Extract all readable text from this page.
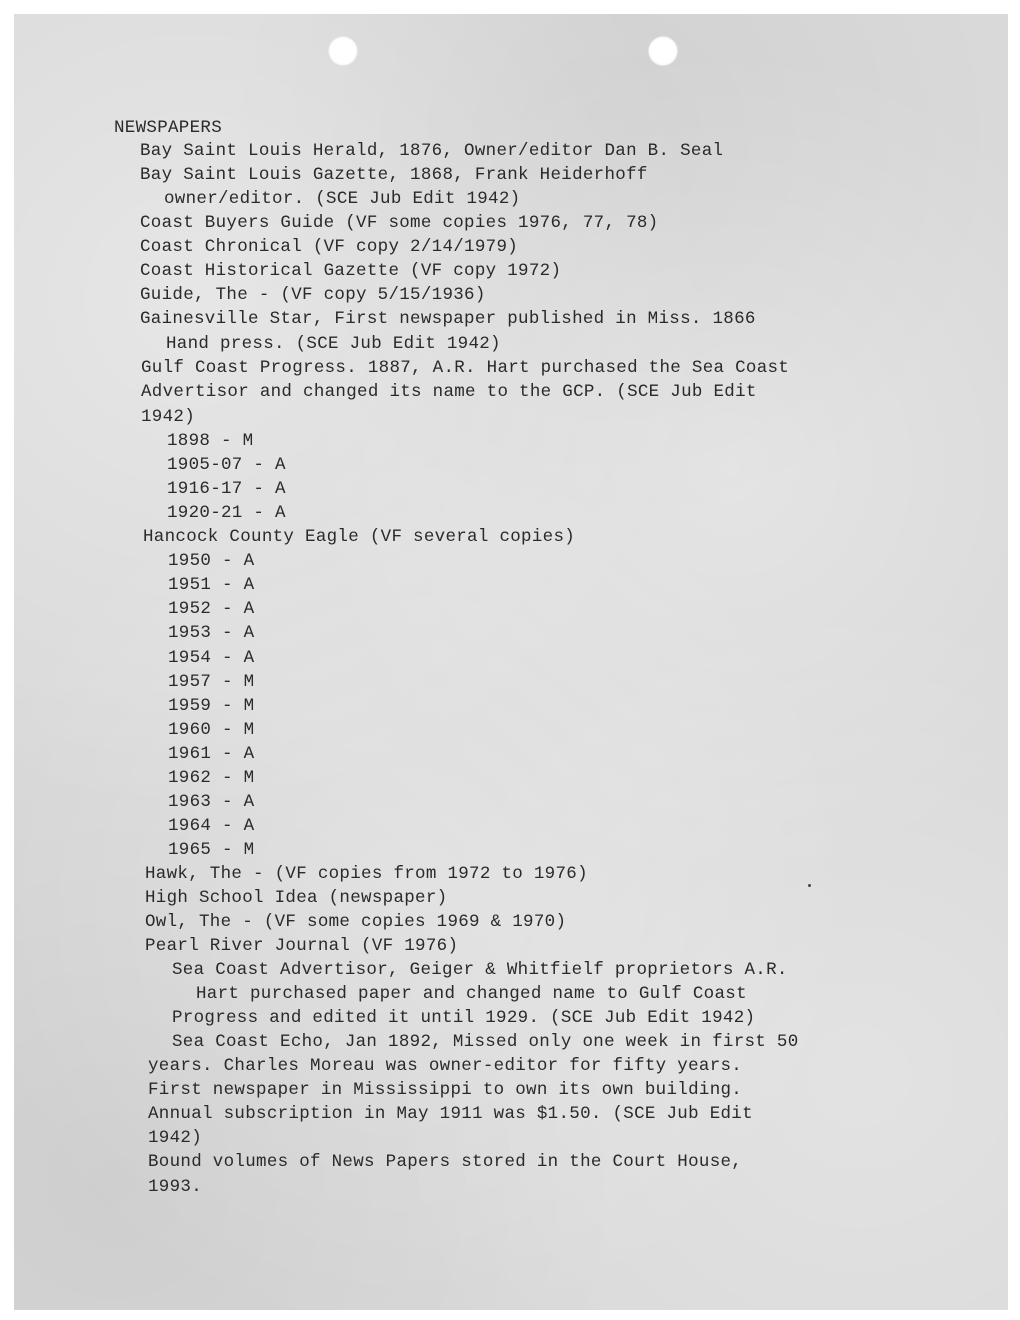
NEWSPAPERS
Bay Saint Louis Herald, 1876, Owner/editor Dan B. Seal
Bay Saint Louis Gazette, 1868, Frank Heiderhoff
owner/editor. (SCE Jub Edit 1942)
Coast Buyers Guide (VF some copies 1976, 77, 78)
Coast Chronical (VF copy 2/14/1979)
Coast Historical Gazette (VF copy 1972)
Guide, The - (VF copy 5/15/1936)
Gainesville Star, First newspaper published in Miss. 1866
Hand press. (SCE Jub Edit 1942)
Gulf Coast Progress. 1887, A.R. Hart purchased the Sea Coast
Advertisor and changed its name to the GCP. (SCE Jub Edit
1942)
1898 - M
1905-07 - A
1916-17 - A
1920-21 - A
Hancock County Eagle (VF several copies)
1950 - A
1951 - A
1952 - A
1953 - A
1954 - A
1957 - M
1959 - M
1960 - M
1961 - A
1962 - M
1963 - A
1964 - A
1965 - M
Hawk, The - (VF copies from 1972 to 1976)
High School Idea (newspaper)
Owl, The - (VF some copies 1969 & 1970)
Pearl River Journal (VF 1976)
Sea Coast Advertisor, Geiger & Whitfielf proprietors A.R.
Hart purchased paper and changed name to Gulf Coast
Progress and edited it until 1929. (SCE Jub Edit 1942)
Sea Coast Echo, Jan 1892, Missed only one week in first 50
years. Charles Moreau was owner-editor for fifty years.
First newspaper in Mississippi to own its own building.
Annual subscription in May 1911 was $1.50. (SCE Jub Edit
1942)
Bound volumes of News Papers stored in the Court House,
1993.
